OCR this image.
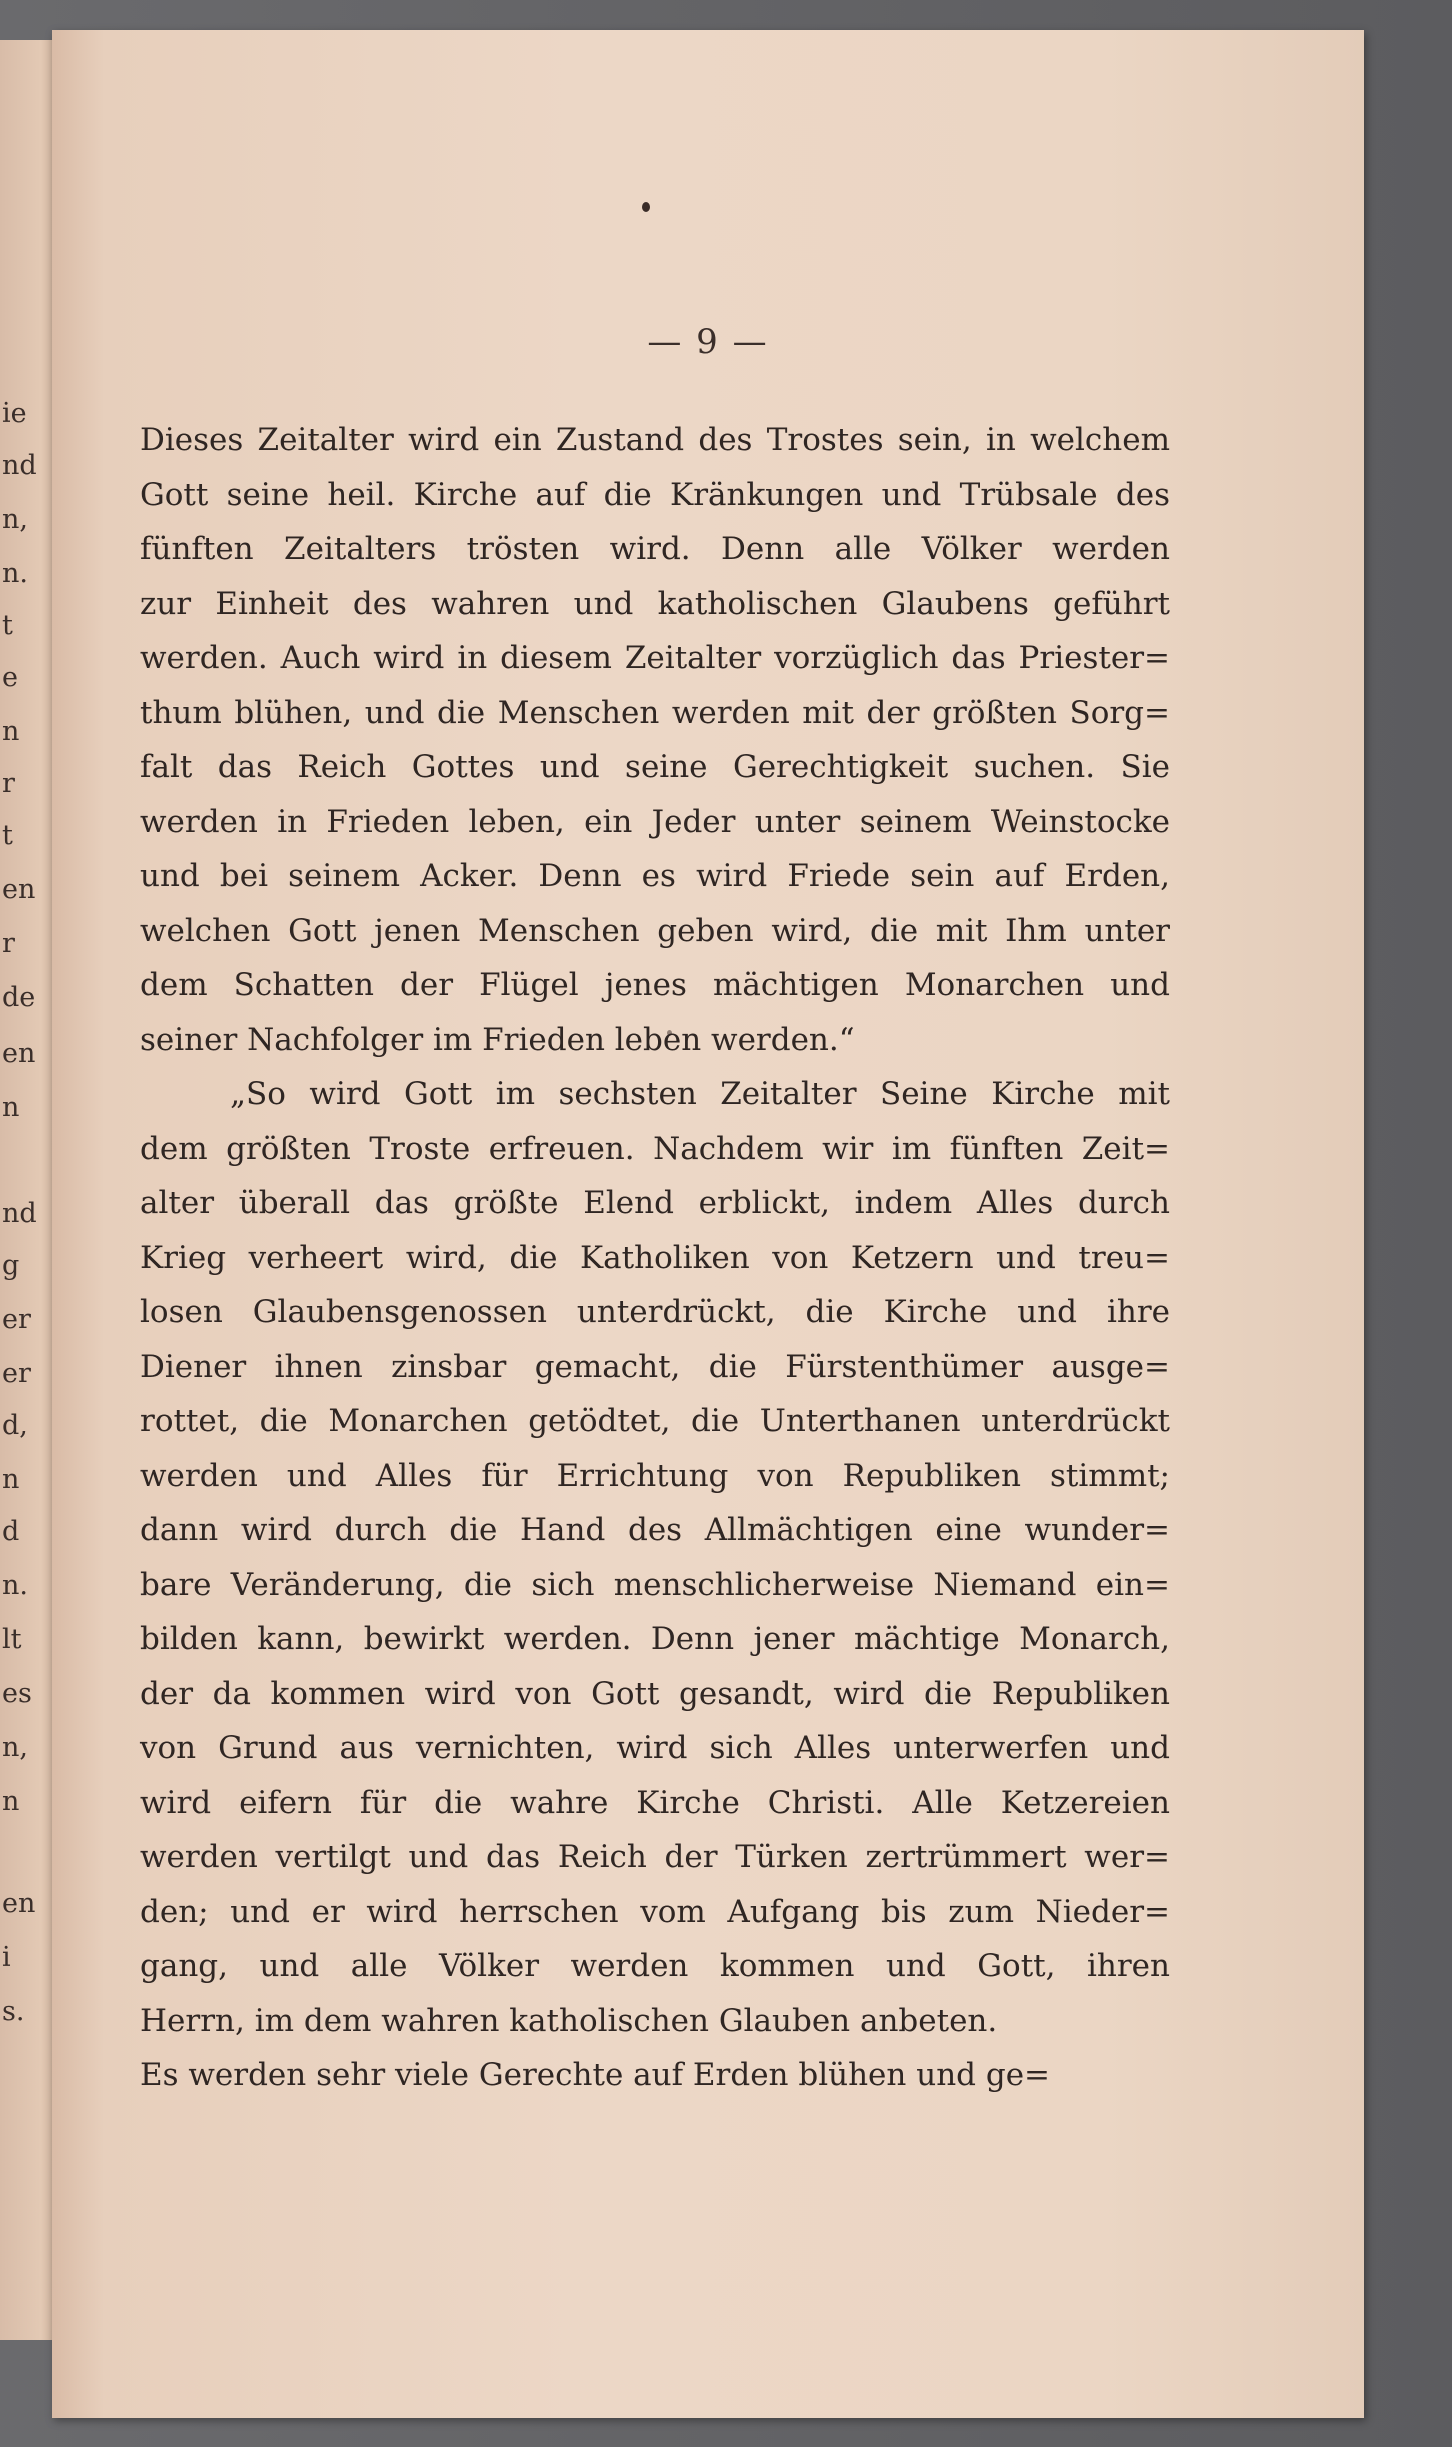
ie
nd
n,
n.
t
e
n
r
t
en
r
de
en
n
nd
g
er
er
d,
n
d
n.
lt
es
n,
n
en
i
s.
— 9 —
Dieses Zeitalter wird ein Zustand des Trostes sein, in welchem
Gott seine heil. Kirche auf die Kränkungen und Trübsale des
fünften Zeitalters trösten wird. Denn alle Völker werden
zur Einheit des wahren und katholischen Glaubens geführt
werden. Auch wird in diesem Zeitalter vorzüglich das Priester=
thum blühen, und die Menschen werden mit der größten Sorg=
falt das Reich Gottes und seine Gerechtigkeit suchen. Sie
werden in Frieden leben, ein Jeder unter seinem Weinstocke
und bei seinem Acker. Denn es wird Friede sein auf Erden,
welchen Gott jenen Menschen geben wird, die mit Ihm unter
dem Schatten der Flügel jenes mächtigen Monarchen und
seiner Nachfolger im Frieden leben werden.“
„So wird Gott im sechsten Zeitalter Seine Kirche mit
dem größten Troste erfreuen. Nachdem wir im fünften Zeit=
alter überall das größte Elend erblickt, indem Alles durch
Krieg verheert wird, die Katholiken von Ketzern und treu=
losen Glaubensgenossen unterdrückt, die Kirche und ihre
Diener ihnen zinsbar gemacht, die Fürstenthümer ausge=
rottet, die Monarchen getödtet, die Unterthanen unterdrückt
werden und Alles für Errichtung von Republiken stimmt;
dann wird durch die Hand des Allmächtigen eine wunder=
bare Veränderung, die sich menschlicherweise Niemand ein=
bilden kann, bewirkt werden. Denn jener mächtige Monarch,
der da kommen wird von Gott gesandt, wird die Republiken
von Grund aus vernichten, wird sich Alles unterwerfen und
wird eifern für die wahre Kirche Christi. Alle Ketzereien
werden vertilgt und das Reich der Türken zertrümmert wer=
den; und er wird herrschen vom Aufgang bis zum Nieder=
gang, und alle Völker werden kommen und Gott, ihren
Herrn, im dem wahren katholischen Glauben anbeten.
Es werden sehr viele Gerechte auf Erden blühen und ge=
